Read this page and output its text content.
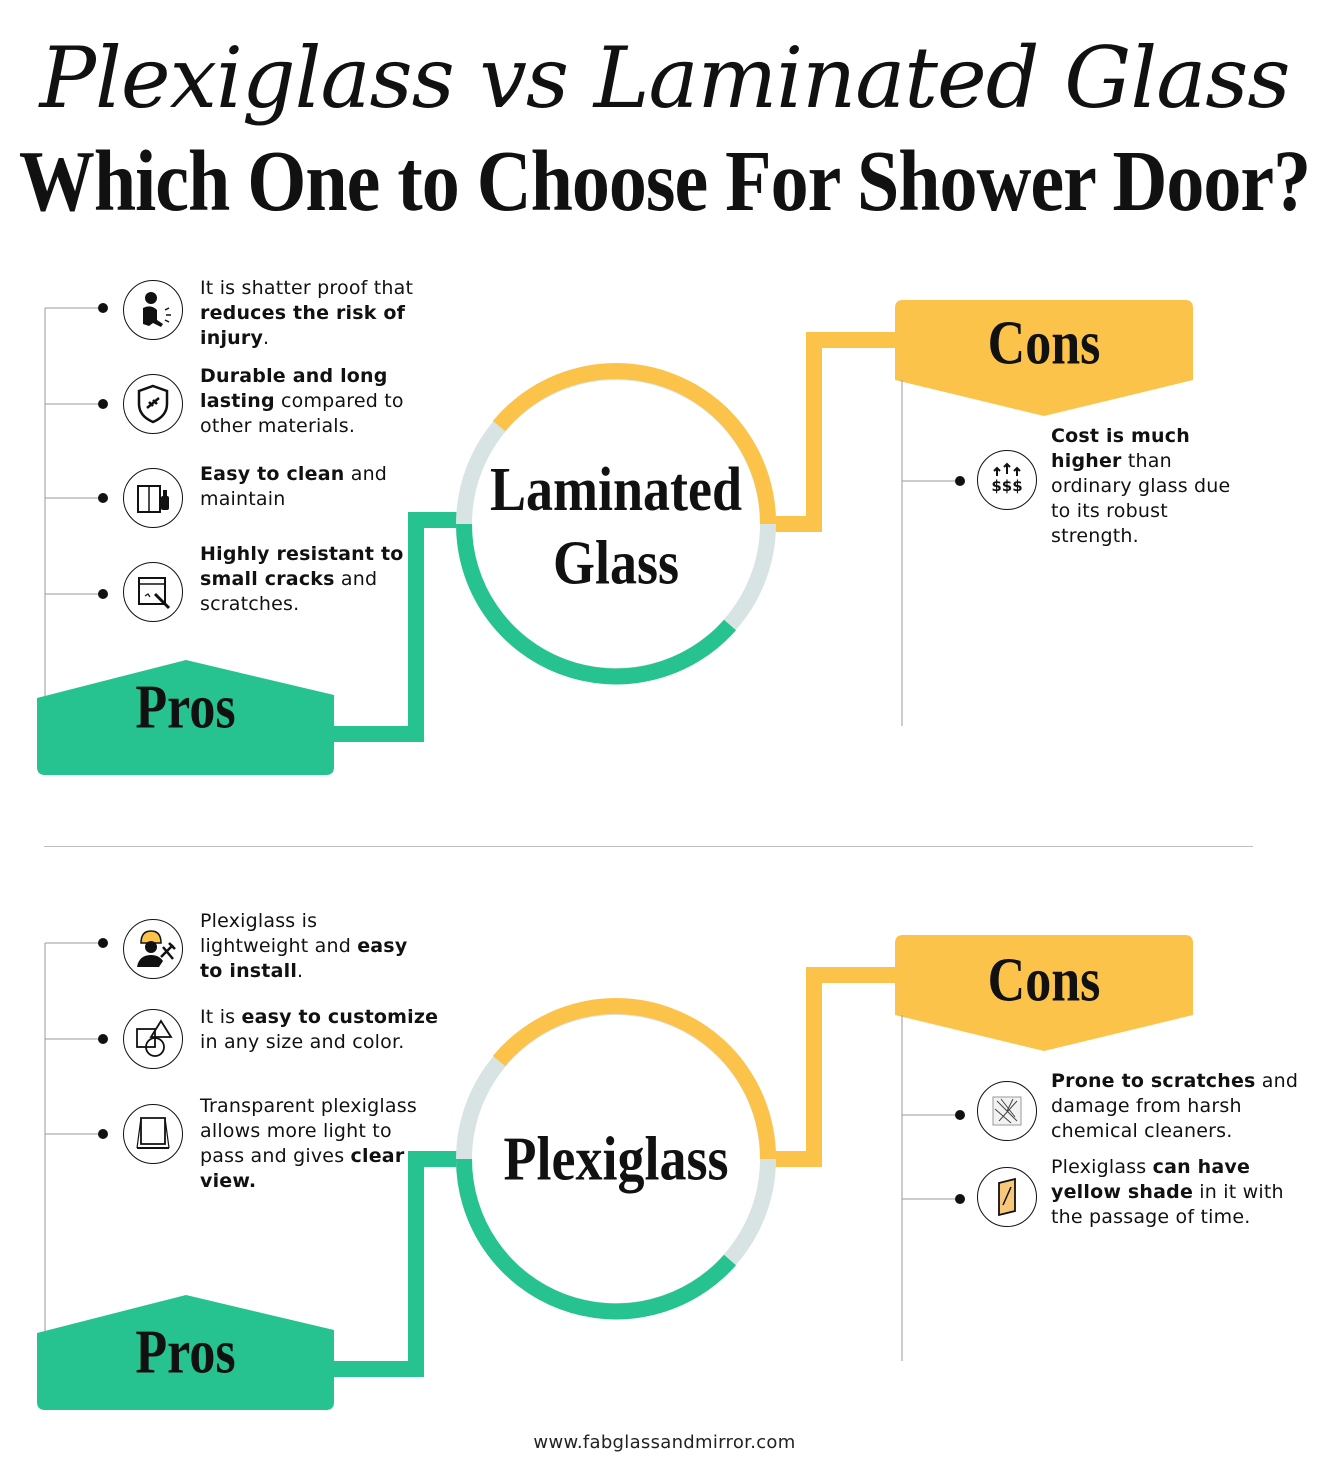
Plexiglass vs Laminated Glass
Which One to Choose For Shower Door?
Pros
Cons
Laminated
Glass
It is shatter proof that reduces the risk of injury.
Durable and long lasting compared to other materials.
Easy to clean and maintain
Highly resistant to small cracks and scratches.
$$$
Cost is much higher than ordinary glass due to its robust strength.
Pros
Cons
Plexiglass
Plexiglass is lightweight and easy to install.
It is easy to customize in any size and color.
Transparent plexiglass allows more light to pass and gives clear view.
Prone to scratches and damage from harsh chemical cleaners.
Plexiglass can have yellow shade in it with the passage of time.
www.fabglassandmirror.com
